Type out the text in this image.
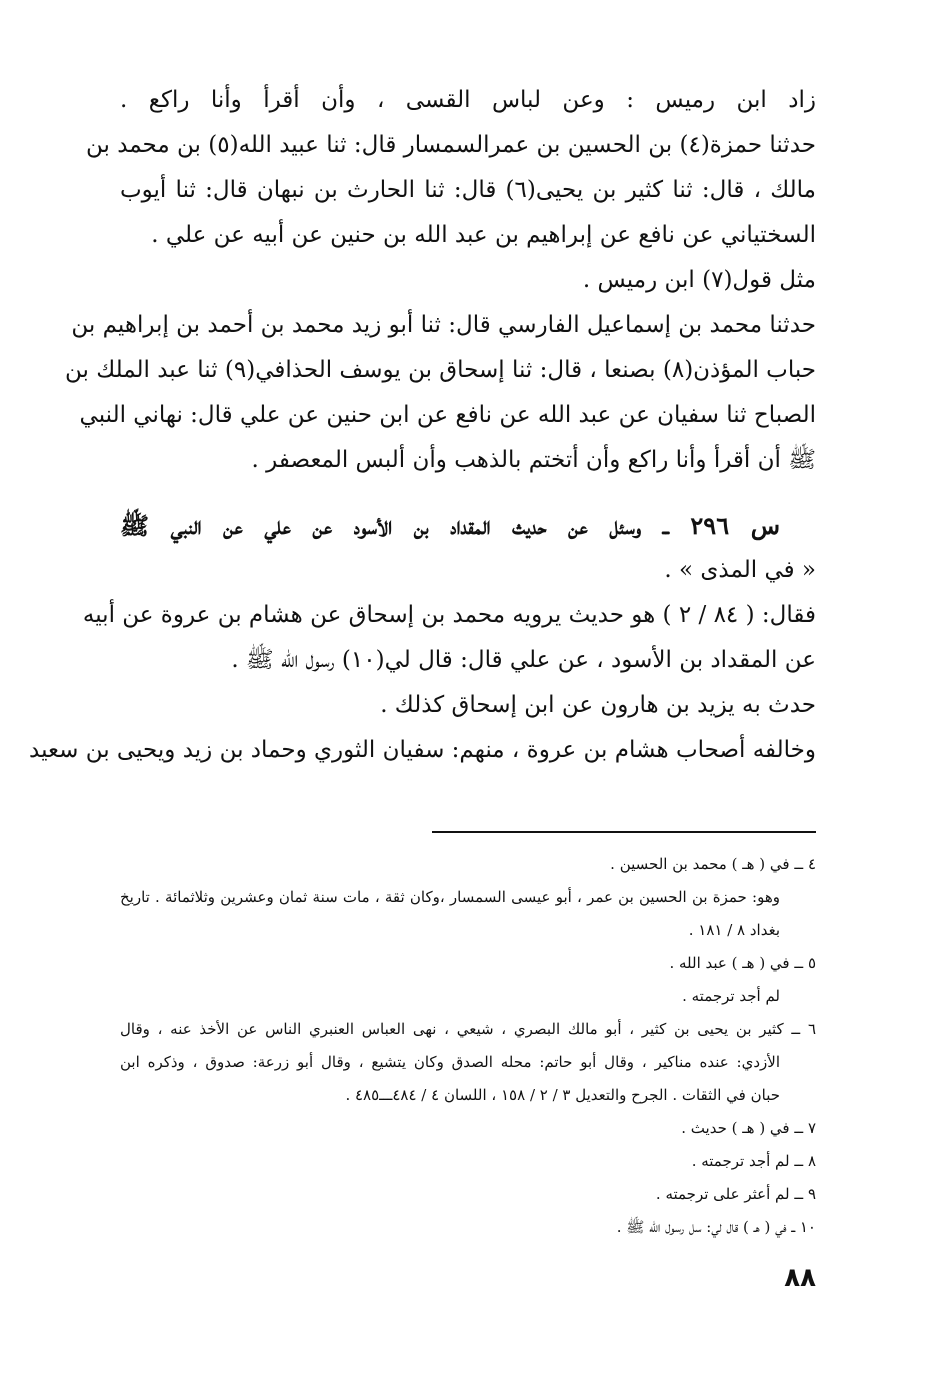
زاد ابن رميس : وعن لباس القسى ، وأن أقرأ وأنا راكع .
حدثنا حمزة(٤) بن الحسين بن عمرالسمسار قال: ثنا عبيد الله(٥) بن محمد بن
مالك ، قال: ثنا كثير بن يحيى(٦) قال: ثنا الحارث بن نبهان قال: ثنا أيوب
السختياني عن نافع عن إبراهيم بن عبد الله بن حنين عن أبيه عن علي .
مثل قول(٧) ابن رميس .
حدثنا محمد بن إسماعيل الفارسي قال: ثنا أبو زيد محمد بن أحمد بن إبراهيم بن
حباب المؤذن(٨) بصنعا ، قال: ثنا إسحاق بن يوسف الحذافي(٩) ثنا عبد الملك بن
الصباح ثنا سفيان عن عبد الله عن نافع عن ابن حنين عن علي قال: نهاني النبي
ﷺ أن أقرأ وأنا راكع وأن أتختم بالذهب وأن ألبس المعصفر .
س ٢٩٦ ــ وسئل عن حديث المقداد بن الأسود عن علي عن النبي ﷺ
« في المذى » .
فقال: ( ٨٤ / ٢ ) هو حديث يرويه محمد بن إسحاق عن هشام بن عروة عن أبيه
عن المقداد بن الأسود ، عن علي قال: قال لي(١٠) رسول الله ﷺ .
حدث به يزيد بن هارون عن ابن إسحاق كذلك .
وخالفه أصحاب هشام بن عروة ، منهم: سفيان الثوري وحماد بن زيد ويحيى بن سعيد
٤ ــ في ( هـ ) محمد بن الحسين .
وهو: حمزة بن الحسين بن عمر ، أبو عيسى السمسار ،وكان ثقة ، مات سنة ثمان وعشرين وثلاثمائة . تاريخ
بغداد ٨ / ١٨١ .
٥ ــ في ( هـ ) عبد الله .
لم أجد ترجمته .
٦ ــ كثير بن يحيى بن كثير ، أبو مالك البصري ، شيعي ، نهى العباس العنبري الناس عن الأخذ عنه ، وقال
الأزدي: عنده مناكير ، وقال أبو حاتم: محله الصدق وكان يتشيع ، وقال أبو زرعة: صدوق ، وذكره ابن
حبان في الثقات . الجرح والتعديل ٣ / ٢ / ١٥٨ ، اللسان ٤ / ٤٨٤ـــ٤٨٥ .
٧ ــ في ( هـ ) حديث .
٨ ــ لم أجد ترجمته .
٩ ــ لم أعثر على ترجمته .
١٠ ــ في ( هـ ) قال لي: سل رسول الله ﷺ .
٨٨
